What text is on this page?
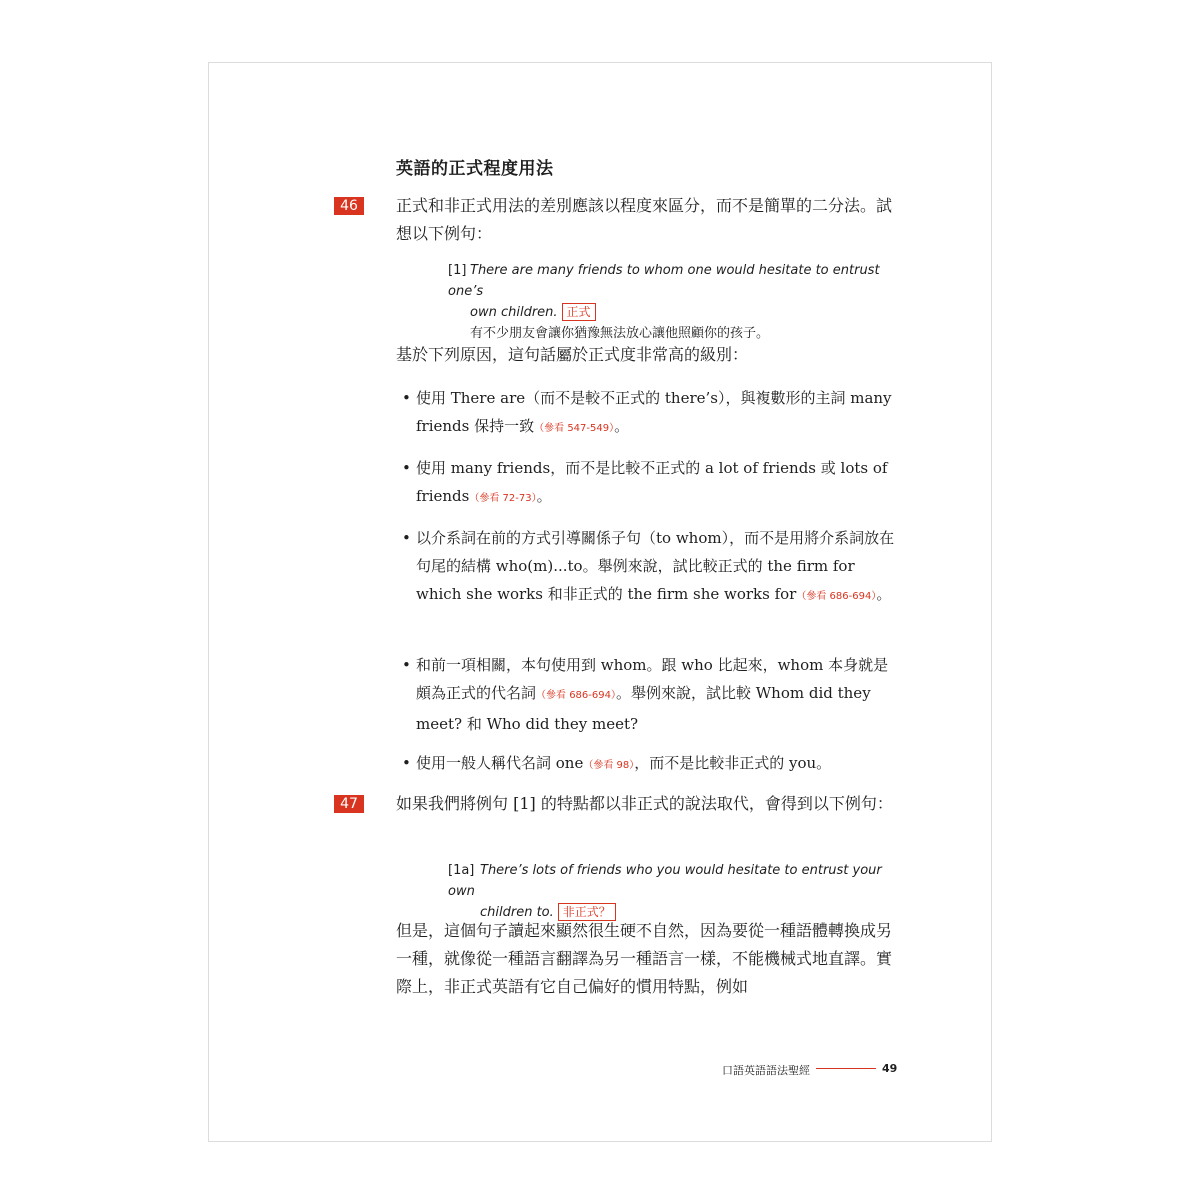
英語的正式程度用法
46	正式和非正式用法的差別應該以程度來區分，而不是簡單的二分法。試想以下例句：
[1] There are many friends to whom one would hesitate to entrust one’s
own children. 正式
有不少朋友會讓你猶豫無法放心讓他照顧你的孩子。
基於下列原因，這句話屬於正式度非常高的級別：
• 使用 There are（而不是較不正式的 there’s），與複數形的主詞 many friends 保持一致（參看 547-549）。
• 使用 many friends，而不是比較不正式的 a lot of friends 或 lots of friends（參看 72-73）。
• 以介系詞在前的方式引導關係子句（to whom），而不是用將介系詞放在句尾的結構 who(m)...to。舉例來說，試比較正式的 the firm for which she works 和非正式的 the firm she works for（參看 686-694）。
• 和前一項相關，本句使用到 whom。跟 who 比起來，whom 本身就是頗為正式的代名詞（參看 686-694）。舉例來說，試比較 Whom did they meet? 和 Who did they meet?
• 使用一般人稱代名詞 one（參看 98），而不是比較非正式的 you。
47	如果我們將例句 [1] 的特點都以非正式的說法取代，會得到以下例句：
[1a] There’s lots of friends who you would hesitate to entrust your own
children to. 非正式？
但是，這個句子讀起來顯然很生硬不自然，因為要從一種語體轉換成另一種，就像從一種語言翻譯為另一種語言一樣，不能機械式地直譯。實際上，非正式英語有它自己偏好的慣用特點，例如
口語英語語法聖經	49
